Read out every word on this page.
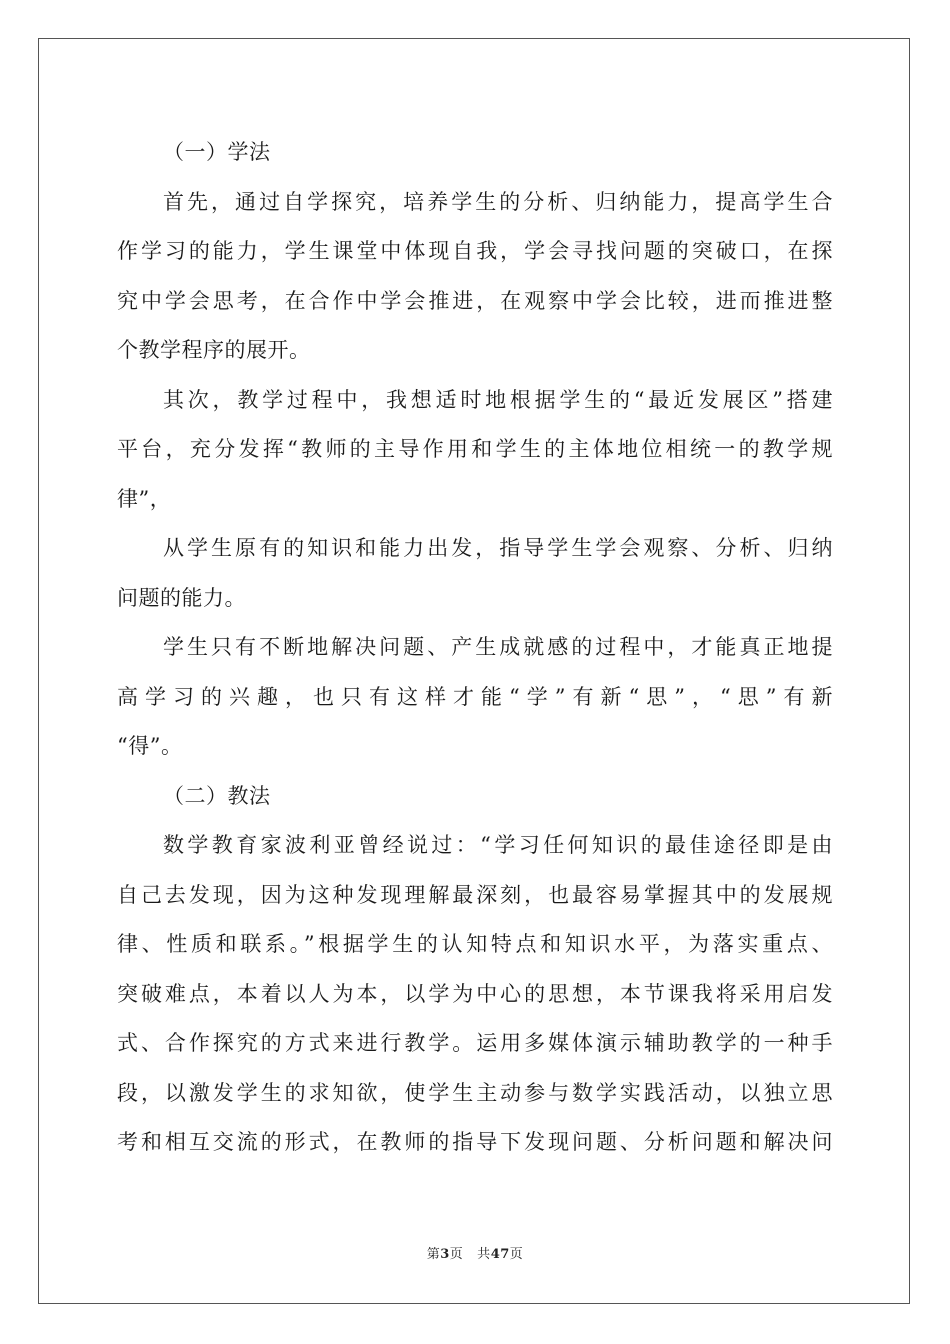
（一）学法
首先，通过自学探究，培养学生的分析、归纳能力，提高学生合
作学习的能力，学生课堂中体现自我，学会寻找问题的突破口，在探
究中学会思考，在合作中学会推进，在观察中学会比较，进而推进整
个教学程序的展开。
其次，教学过程中，我想适时地根据学生的“最近发展区”搭建
平台，充分发挥“教师的主导作用和学生的主体地位相统一的教学规
律”，
从学生原有的知识和能力出发，指导学生学会观察、分析、归纳
问题的能力。
学生只有不断地解决问题、产生成就感的过程中，才能真正地提
高学习的兴趣，也只有这样才能“学”有新“思”，“思”有新
“得”。
（二）教法
数学教育家波利亚曾经说过：“学习任何知识的最佳途径即是由
自己去发现，因为这种发现理解最深刻，也最容易掌握其中的发展规
律、性质和联系。”根据学生的认知特点和知识水平，为落实重点、
突破难点，本着以人为本，以学为中心的思想，本节课我将采用启发
式、合作探究的方式来进行教学。运用多媒体演示辅助教学的一种手
段，以激发学生的求知欲，使学生主动参与数学实践活动，以独立思
考和相互交流的形式，在教师的指导下发现问题、分析问题和解决问
第3页 共47页
